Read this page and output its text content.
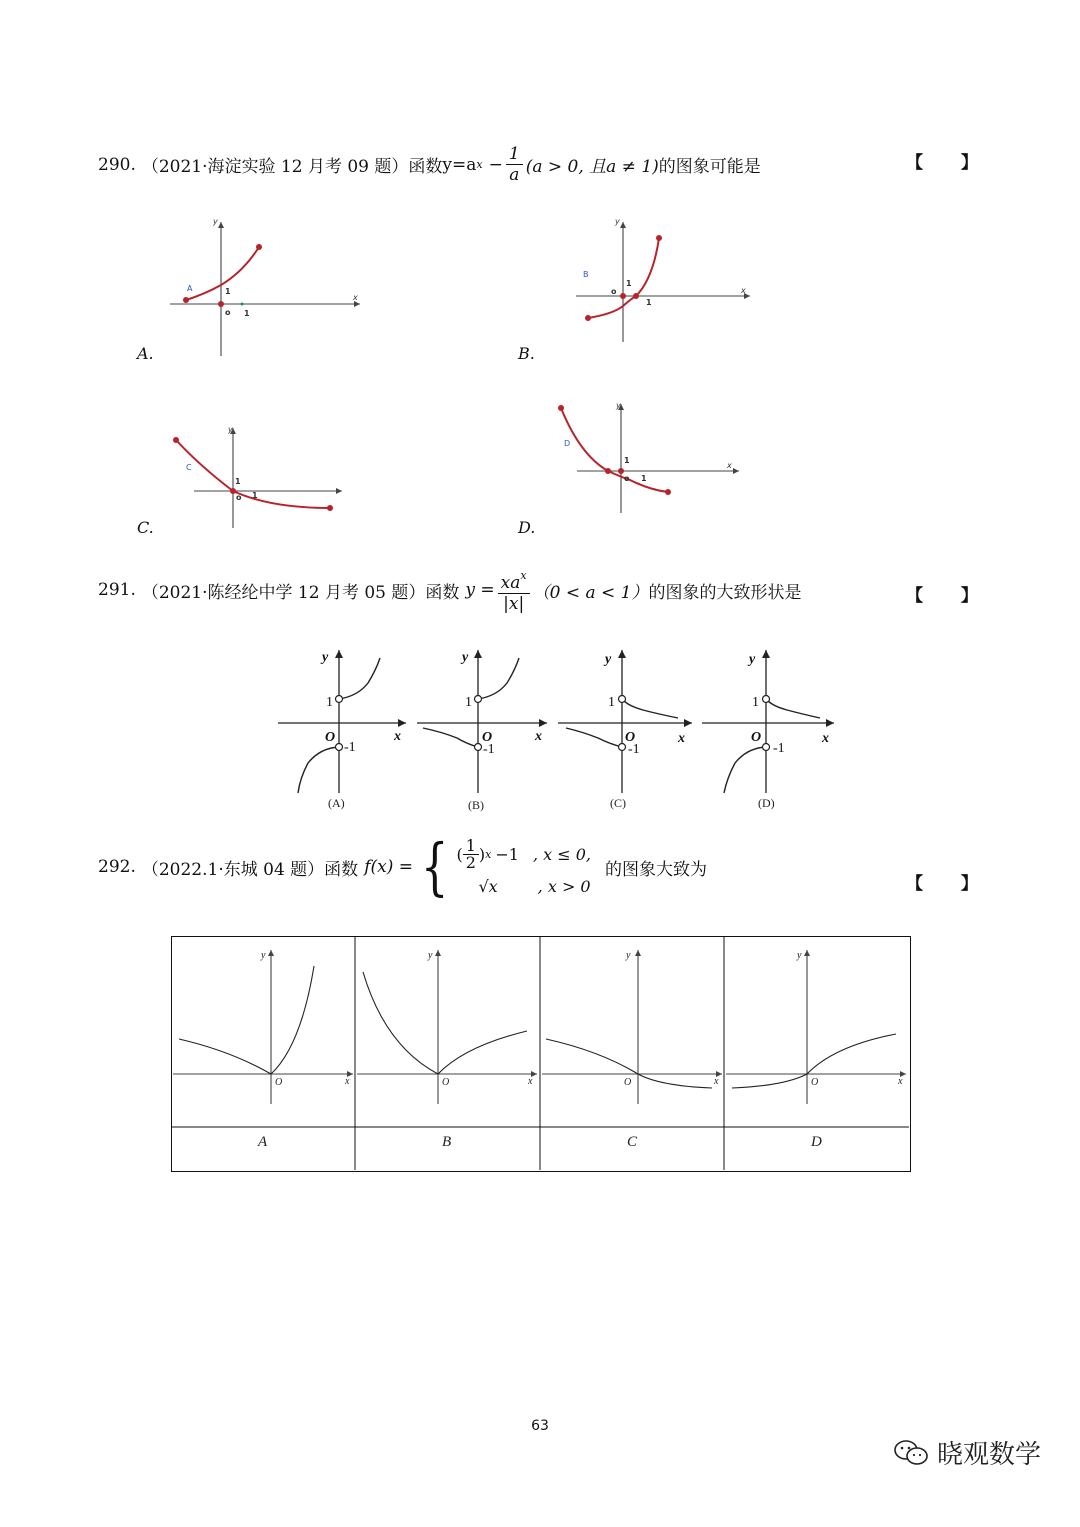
290. （2021·海淀实验 12 月考 09 题）函数 y=a $x - \frac{1}{a} (a > 0$, 且a ≠ 1) 的图象可能是	【】
y
x
o 1
1
A
A.
y
x
o
1
1
B
B.
y
1
o 1
C
C.
y
x
1
o 1
D
D.
291. （2021·陈经纶中学 12 月考 05 题）函数 $y = \frac{xa^x}{|x|} (0 < a < 1)$ 的图象的大致形状是	【】
y
x
O
1
-1
(A)
y
x
O
1
-1
(B)
y
x
O
1
-1
(C)
y
x
O
1
-1
(D)
292. （2022.1·东城 04 题）函数 f(x) = { ( $\frac{1}{2}$ ) x −1 , x ≤ 0,
√x	, x > 0
的图象大致为
【】
y
x
O
A
y
x
O
B
y
x
O
C
y
x
O
D
63
晓观数学
